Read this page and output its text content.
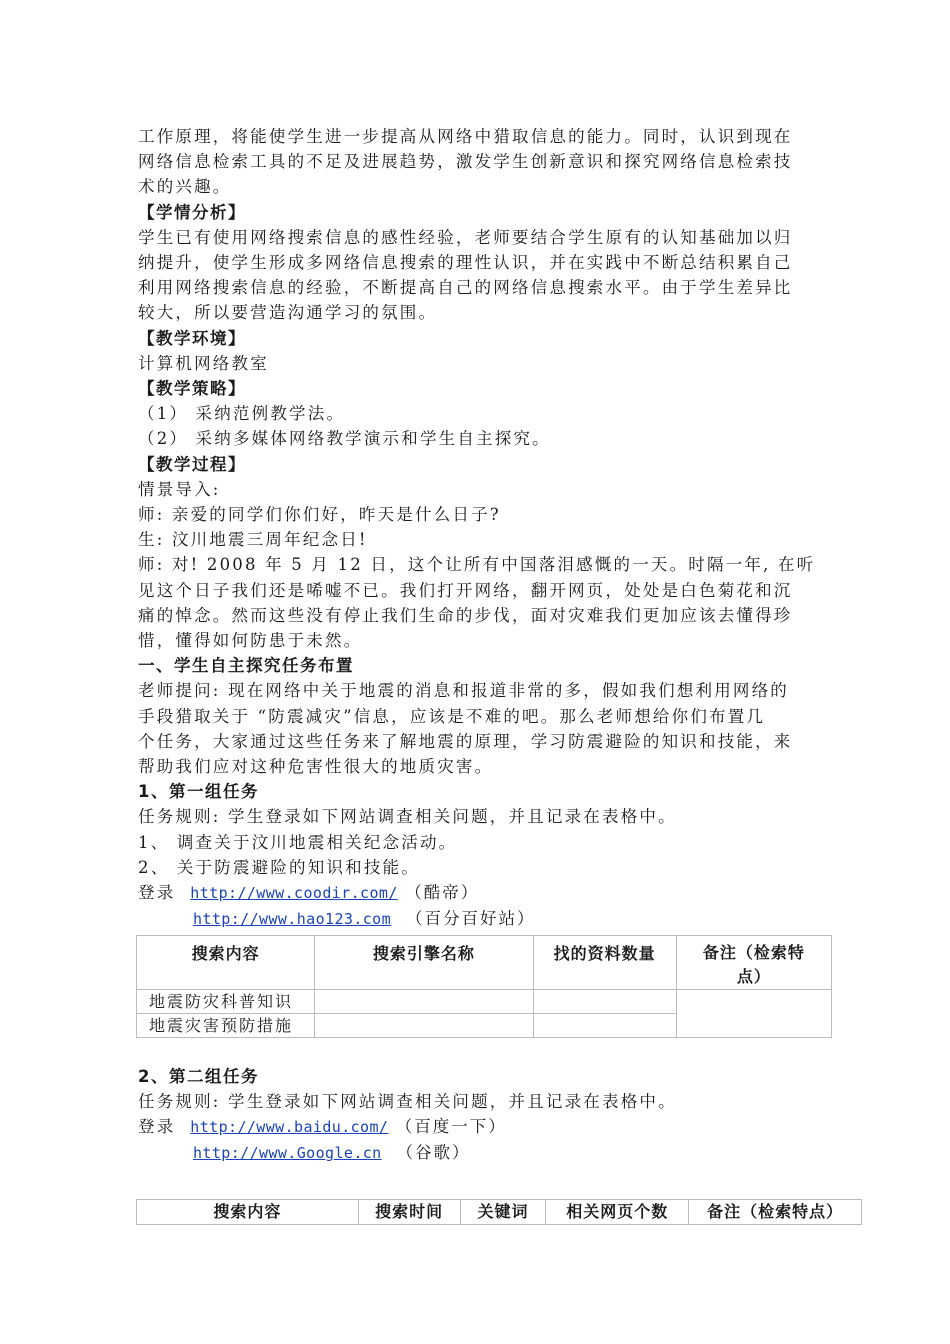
工作原理，将能使学生进一步提高从网络中猎取信息的能力。同时，认识到现在

网络信息检索工具的不足及进展趋势，激发学生创新意识和探究网络信息检索技

术的兴趣。

【学情分析】

学生已有使用网络搜索信息的感性经验，老师要结合学生原有的认知基础加以归

纳提升，使学生形成多网络信息搜索的理性认识，并在实践中不断总结积累自己

利用网络搜索信息的经验，不断提高自己的网络信息搜索水平。由于学生差异比

较大，所以要营造沟通学习的氛围。

【教学环境】

计算机网络教室

【教学策略】

（1） 采纳范例教学法。

（2） 采纳多媒体网络教学演示和学生自主探究。

【教学过程】

情景导入:

师: 亲爱的同学们你们好，昨天是什么日子?

生: 汶川地震三周年纪念日!

师: 对! 2008 年 5 月 12 日，这个让所有中国落泪感慨的一天。时隔一年, 在听

见这个日子我们还是唏嘘不已。我们打开网络，翻开网页，处处是白色菊花和沉

痛的悼念。然而这些没有停止我们生命的步伐，面对灾难我们更加应该去懂得珍

惜，懂得如何防患于未然。

一、学生自主探究任务布置

老师提问: 现在网络中关于地震的消息和报道非常的多，假如我们想利用网络的

手段猎取关于 “防震减灾”信息，应该是不难的吧。那么老师想给你们布置几

个任务，大家通过这些任务来了解地震的原理，学习防震避险的知识和技能，来

帮助我们应对这种危害性很大的地质灾害。

1、第一组任务

任务规则: 学生登录如下网站调查相关问题，并且记录在表格中。

1、 调查关于汶川地震相关纪念活动。

2、 关于防震避险的知识和技能。

登录 http://www.coodir.com/ （酷帝）

http://www.hao123.com （百分百好站）

搜索内容	搜索引擎名称	找的资料数量	备注（检索特
点）
地震防灾科普知识			
地震灾害预防措施			

2、第二组任务

任务规则: 学生登录如下网站调查相关问题，并且记录在表格中。

登录 http://www.baidu.com/ （百度一下）

http://www.Google.cn （谷歌）

搜索内容	搜索时间	关键词	相关网页个数	备注（检索特点）
